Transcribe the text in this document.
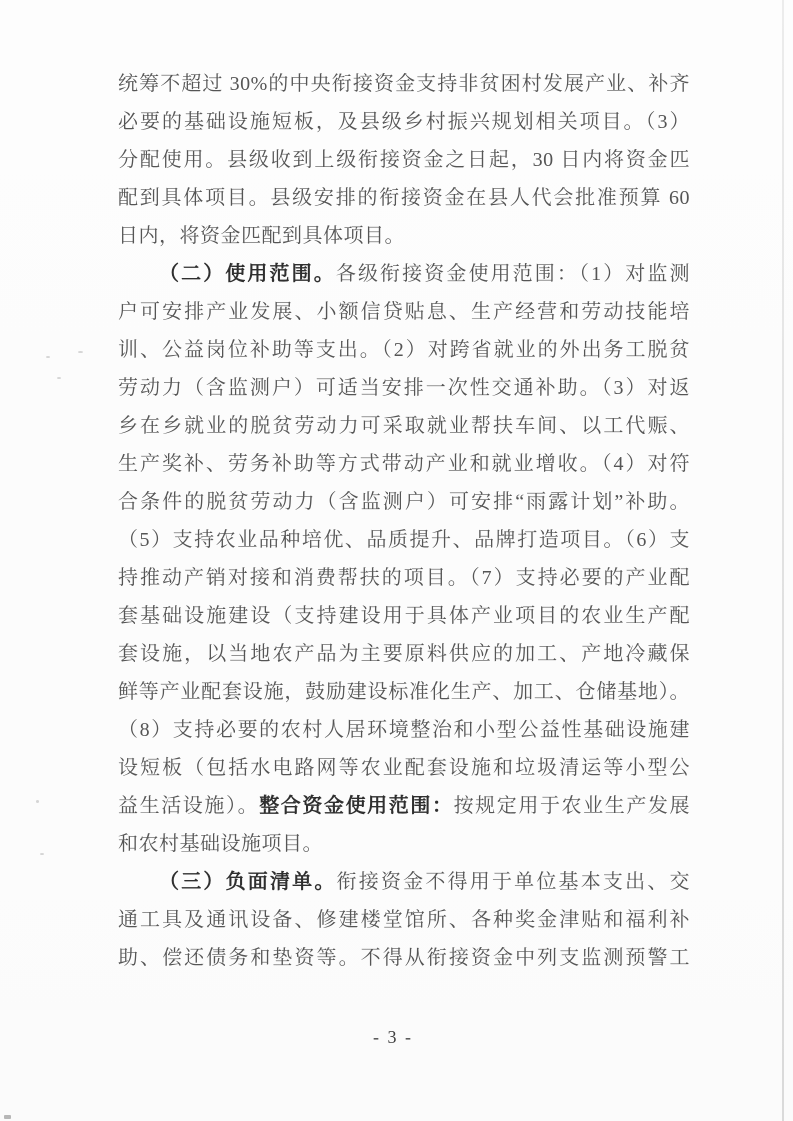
统筹不超过 30%的中央衔接资金支持非贫困村发展产业、补齐
必要的基础设施短板，及县级乡村振兴规划相关项目。（3）
分配使用。县级收到上级衔接资金之日起，30 日内将资金匹
配到具体项目。县级安排的衔接资金在县人代会批准预算 60
日内，将资金匹配到具体项目。
（二）使用范围。各级衔接资金使用范围：（1）对监测
户可安排产业发展、小额信贷贴息、生产经营和劳动技能培
训、公益岗位补助等支出。（2）对跨省就业的外出务工脱贫
劳动力（含监测户）可适当安排一次性交通补助。（3）对返
乡在乡就业的脱贫劳动力可采取就业帮扶车间、以工代赈、
生产奖补、劳务补助等方式带动产业和就业增收。（4）对符
合条件的脱贫劳动力（含监测户）可安排“雨露计划”补助。
（5）支持农业品种培优、品质提升、品牌打造项目。（6）支
持推动产销对接和消费帮扶的项目。（7）支持必要的产业配
套基础设施建设（支持建设用于具体产业项目的农业生产配
套设施，以当地农产品为主要原料供应的加工、产地冷藏保
鲜等产业配套设施，鼓励建设标准化生产、加工、仓储基地）。
（8）支持必要的农村人居环境整治和小型公益性基础设施建
设短板（包括水电路网等农业配套设施和垃圾清运等小型公
益生活设施）。整合资金使用范围：按规定用于农业生产发展
和农村基础设施项目。
（三）负面清单。衔接资金不得用于单位基本支出、交
通工具及通讯设备、修建楼堂馆所、各种奖金津贴和福利补
助、偿还债务和垫资等。不得从衔接资金中列支监测预警工
- 3 -
